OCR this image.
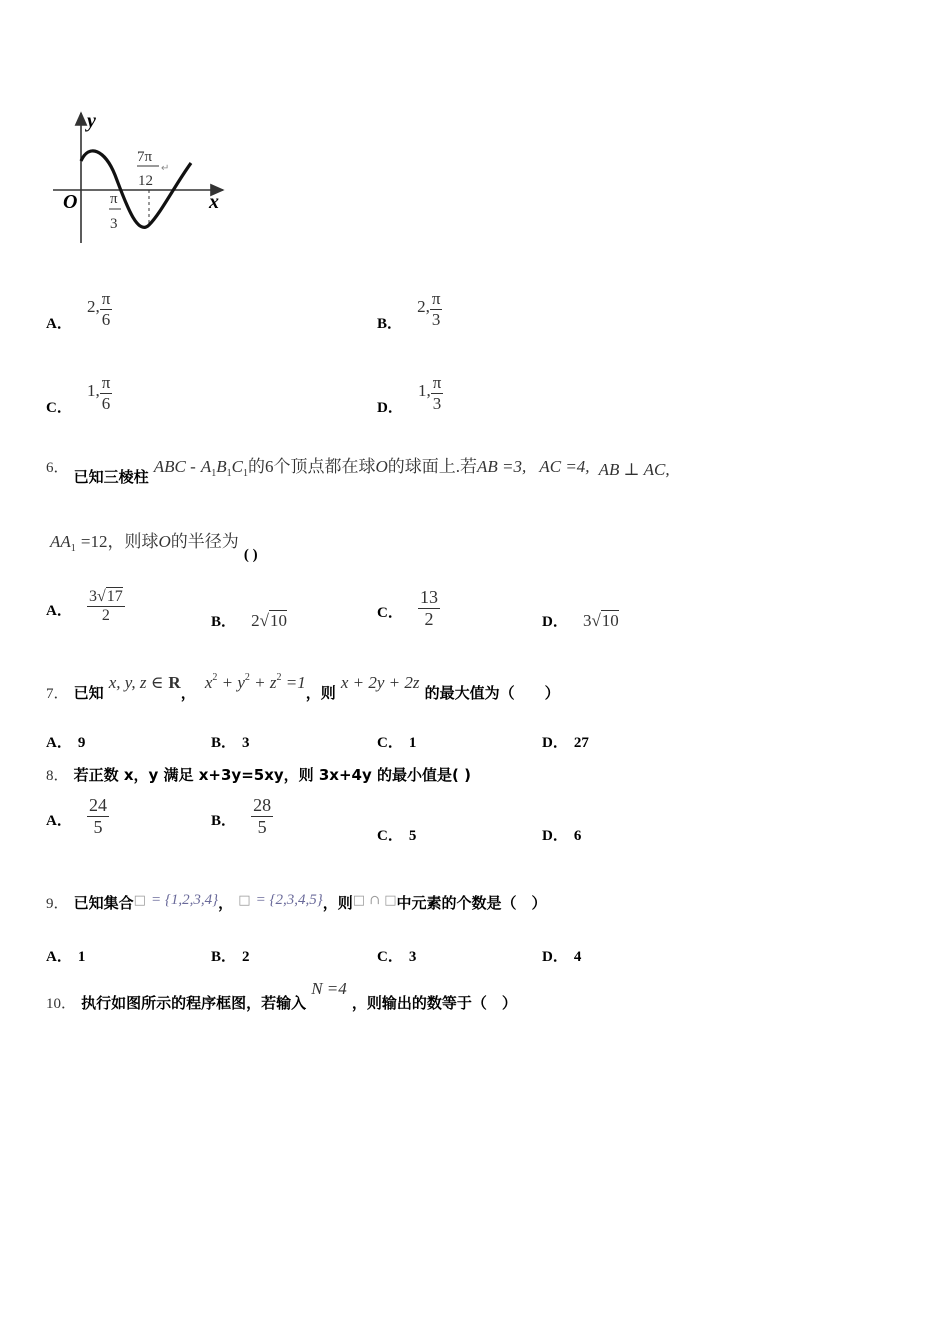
y
x
O
7π
12
↵
π
3
A． 2, $\frac{\pi}{6}$	B． 2, $\frac{\pi}{3}$
C． 1, $\frac{\pi}{6}$	D． 1, $\frac{\pi}{3}$
6． 已知三棱柱 ABC - $A_1B_1C_1$的6个顶点都在球O的球面上.若AB =3, AC =4, AB ⊥ AC,
$AA_1 =12$，则球O的半径为 ( )
A． $\frac{3√17}{2}$	B． 2√10	C． $\frac{13}{2}$	D． 3√10
7． 已知 x, y, z ∈ R， $x^2 + y^2 + z^2 =1$，则 x + 2y + 2z 的最大值为（　　）
A． 9	B． 3	C． 1	D． 27
8． 若正数 x，y 满足 x+3y=5xy，则 3x+4y 的最小值是( )
A． $\frac{24}{5}$	B． $\frac{28}{5}$	C． 5	D． 6
9． 已知集合□ = {1,2,3,4}， □ = {2,3,4,5}，则□ ∩ □中元素的个数是（　）
A． 1	B． 2	C． 3	D． 4
10． 执行如图所示的程序框图，若输入 N =4 ，则输出的数等于（　）
